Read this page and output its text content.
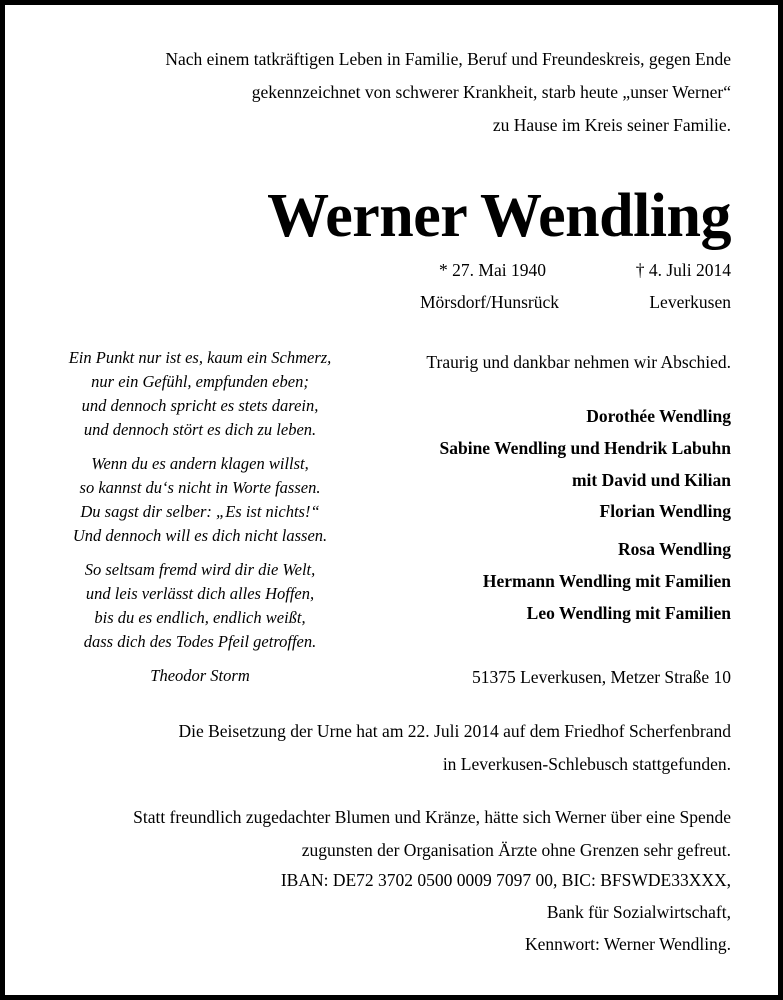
Nach einem tatkräftigen Leben in Familie, Beruf und Freundeskreis, gegen Ende
gekennzeichnet von schwerer Krankheit, starb heute „unser Werner“
zu Hause im Kreis seiner Familie.
Werner Wendling
* 27. Mai 1940	† 4. Juli 2014
Mörsdorf/Hunsrück	Leverkusen
Ein Punkt nur ist es, kaum ein Schmerz,
nur ein Gefühl, empfunden eben;
und dennoch spricht es stets darein,
und dennoch stört es dich zu leben.
Wenn du es andern klagen willst,
so kannst du‘s nicht in Worte fassen.
Du sagst dir selber: „Es ist nichts!“
Und dennoch will es dich nicht lassen.
So seltsam fremd wird dir die Welt,
und leis verlässt dich alles Hoffen,
bis du es endlich, endlich weißt,
dass dich des Todes Pfeil getroffen.
Theodor Storm
Traurig und dankbar nehmen wir Abschied.
Dorothée Wendling
Sabine Wendling und Hendrik Labuhn
mit David und Kilian
Florian Wendling
Rosa Wendling
Hermann Wendling mit Familien
Leo Wendling mit Familien
51375 Leverkusen, Metzer Straße 10
Die Beisetzung der Urne hat am 22. Juli 2014 auf dem Friedhof Scherfenbrand
in Leverkusen-Schlebusch stattgefunden.
Statt freundlich zugedachter Blumen und Kränze, hätte sich Werner über eine Spende
zugunsten der Organisation Ärzte ohne Grenzen sehr gefreut.
IBAN: DE72 3702 0500 0009 7097 00, BIC: BFSWDE33XXX,
Bank für Sozialwirtschaft,
Kennwort: Werner Wendling.
